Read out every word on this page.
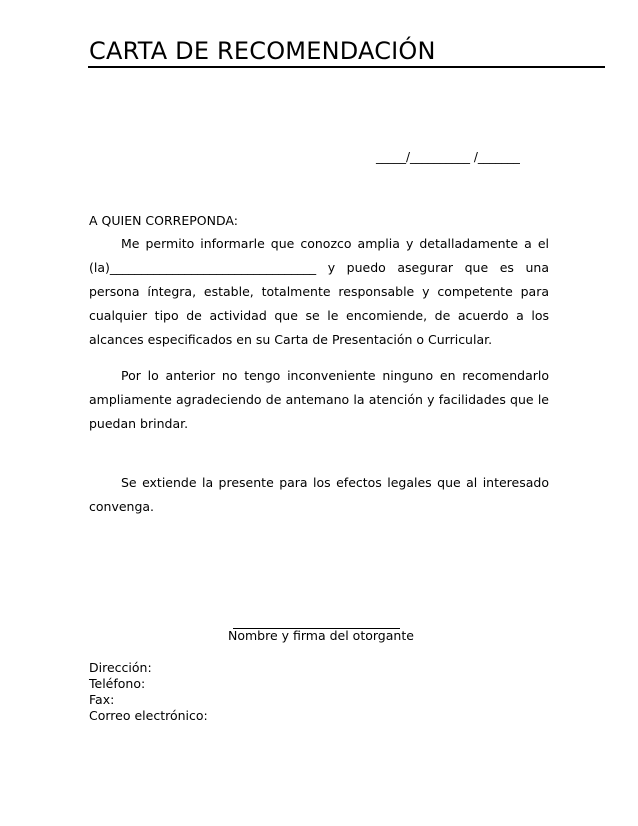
CARTA DE RECOMENDACIÓN
_____/__________ /_______
A QUIEN CORREPONDA:

Me permito informarle que conozco amplia y detalladamente a el (la)_________________________________ y puedo asegurar que es una persona íntegra, estable, totalmente responsable y competente para cualquier tipo de actividad que se le encomiende, de acuerdo a los alcances especificados en su Carta de Presentación o Curricular.

Por lo anterior no tengo inconveniente ninguno en recomendarlo ampliamente agradeciendo de antemano la atención y facilidades que le puedan brindar.

Se extiende la presente para los efectos legales que al interesado convenga.

Nombre y firma del otorgante
Dirección:
Teléfono:
Fax:
Correo electrónico:
